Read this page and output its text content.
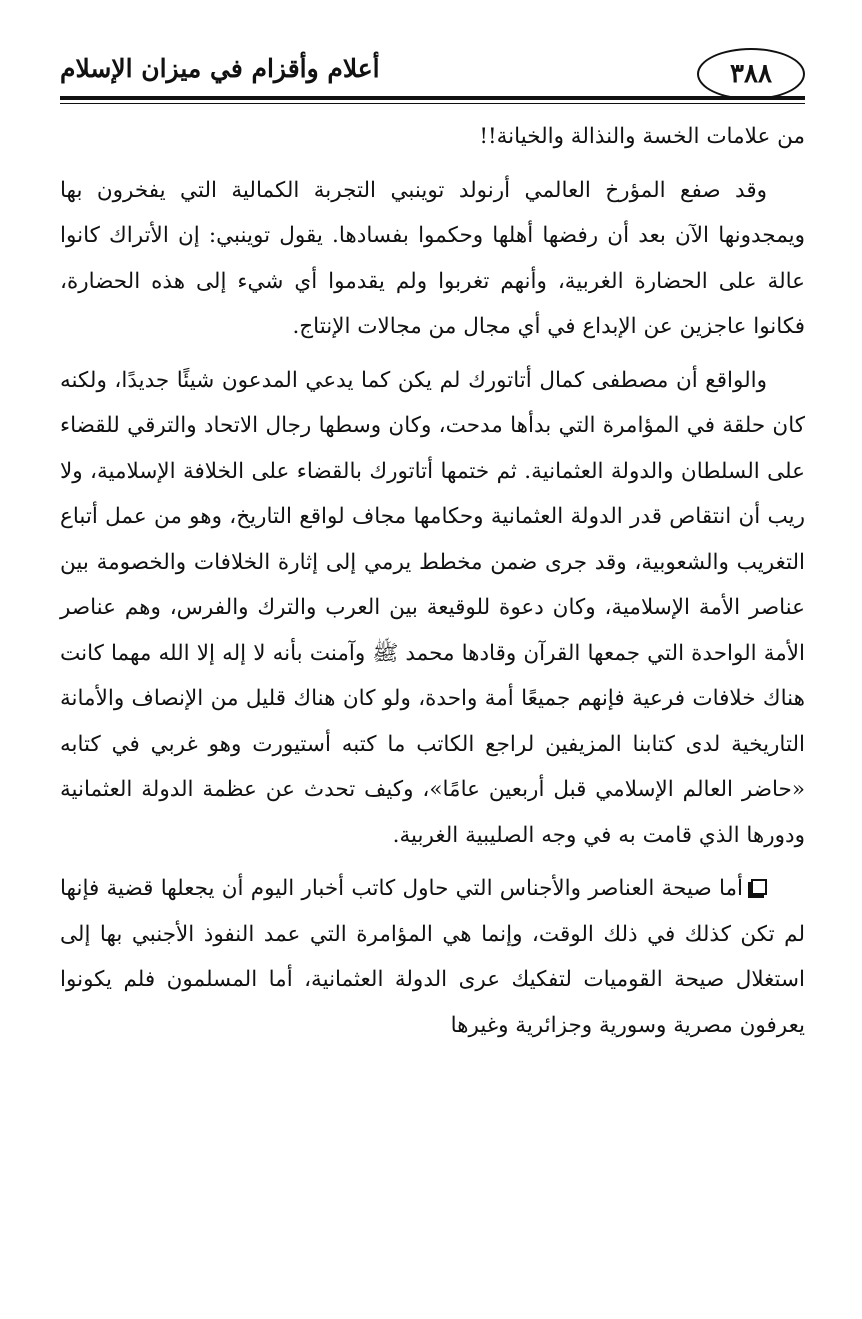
٣٨٨
أعلام وأقزام في ميزان الإسلام

من علامات الخسة والنذالة والخيانة!!

وقد صفع المؤرخ العالمي أرنولد توينبي التجربة الكمالية التي يفخرون بها ويمجدونها الآن بعد أن رفضها أهلها وحكموا بفسادها. يقول توينبي: إن الأتراك كانوا عالة على الحضارة الغربية، وأنهم تغربوا ولم يقدموا أي شيء إلى هذه الحضارة، فكانوا عاجزين عن الإبداع في أي مجال من مجالات الإنتاج.

والواقع أن مصطفى كمال أتاتورك لم يكن كما يدعي المدعون شيئًا جديدًا، ولكنه كان حلقة في المؤامرة التي بدأها مدحت، وكان وسطها رجال الاتحاد والترقي للقضاء على السلطان والدولة العثمانية. ثم ختمها أتاتورك بالقضاء على الخلافة الإسلامية، ولا ريب أن انتقاص قدر الدولة العثمانية وحكامها مجاف لواقع التاريخ، وهو من عمل أتباع التغريب والشعوبية، وقد جرى ضمن مخطط يرمي إلى إثارة الخلافات والخصومة بين عناصر الأمة الإسلامية، وكان دعوة للوقيعة بين العرب والترك والفرس، وهم عناصر الأمة الواحدة التي جمعها القرآن وقادها محمد ﷺ وآمنت بأنه لا إله إلا الله مهما كانت هناك خلافات فرعية فإنهم جميعًا أمة واحدة، ولو كان هناك قليل من الإنصاف والأمانة التاريخية لدى كتابنا المزيفين لراجع الكاتب ما كتبه أستيورت وهو غربي في كتابه «حاضر العالم الإسلامي قبل أربعين عامًا»، وكيف تحدث عن عظمة الدولة العثمانية ودورها الذي قامت به في وجه الصليبية الغربية.

أما صيحة العناصر والأجناس التي حاول كاتب أخبار اليوم أن يجعلها قضية فإنها لم تكن كذلك في ذلك الوقت، وإنما هي المؤامرة التي عمد النفوذ الأجنبي بها إلى استغلال صيحة القوميات لتفكيك عرى الدولة العثمانية، أما المسلمون فلم يكونوا يعرفون مصرية وسورية وجزائرية وغيرها
